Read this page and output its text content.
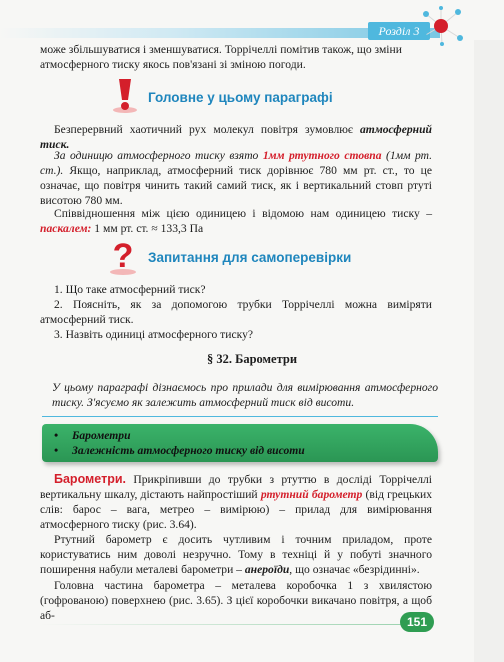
Розділ 3
може збільшуватися і зменшуватися. Торрічеллі помітив також, що зміни
атмосферного тиску якось пов'язані зі зміною погоди.
Головне у цьому параграфі
Безперервний хаотичний рух молекул повітря зумовлює атмосферний тиск.
За одиницю атмосферного тиску взято 1мм ртутного стовпа (1мм рт. ст.). Якщо, наприклад, атмосферний тиск дорівнює 780 мм рт. ст., то це означає, що повітря чинить такий самий тиск, як і вертикальний стовп ртуті висотою 780 мм.
Співвідношення між цією одиницею і відомою нам одиницею тиску – паскалем: 1 мм рт. ст. ≈ 133,3 Па
? Запитання для самоперевірки
1. Що таке атмосферний тиск?
2. Поясніть, як за допомогою трубки Торрічеллі можна виміряти атмосферний тиск.
3. Назвіть одиниці атмосферного тиску?
§ 32. Барометри
У цьому параграфі дізнаємось про прилади для вимірювання атмосферного тиску. З'ясуємо як залежить атмосферний тиск від висоти.
• Барометри
• Залежність атмосферного тиску від висоти
Барометри. Прикріпивши до трубки з ртуттю в досліді Торрічеллі вертикальну шкалу, дістають найпростіший ртутний барометр (від грецьких слів: барос – вага, метрео – вимірюю) – прилад для вимірювання атмосферного тиску (рис. 3.64).
Ртутний барометр є досить чутливим і точним приладом, проте користуватись ним доволі незручно. Тому в техніці й у побуті значного поширення набули металеві барометри – анероїди, що означає «безрідинні».
Головна частина барометра – металева коробочка 1 з хвилястою (гофрованою) поверхнею (рис. 3.65). З цієї коробочки викачано повітря, а щоб аб-	151
